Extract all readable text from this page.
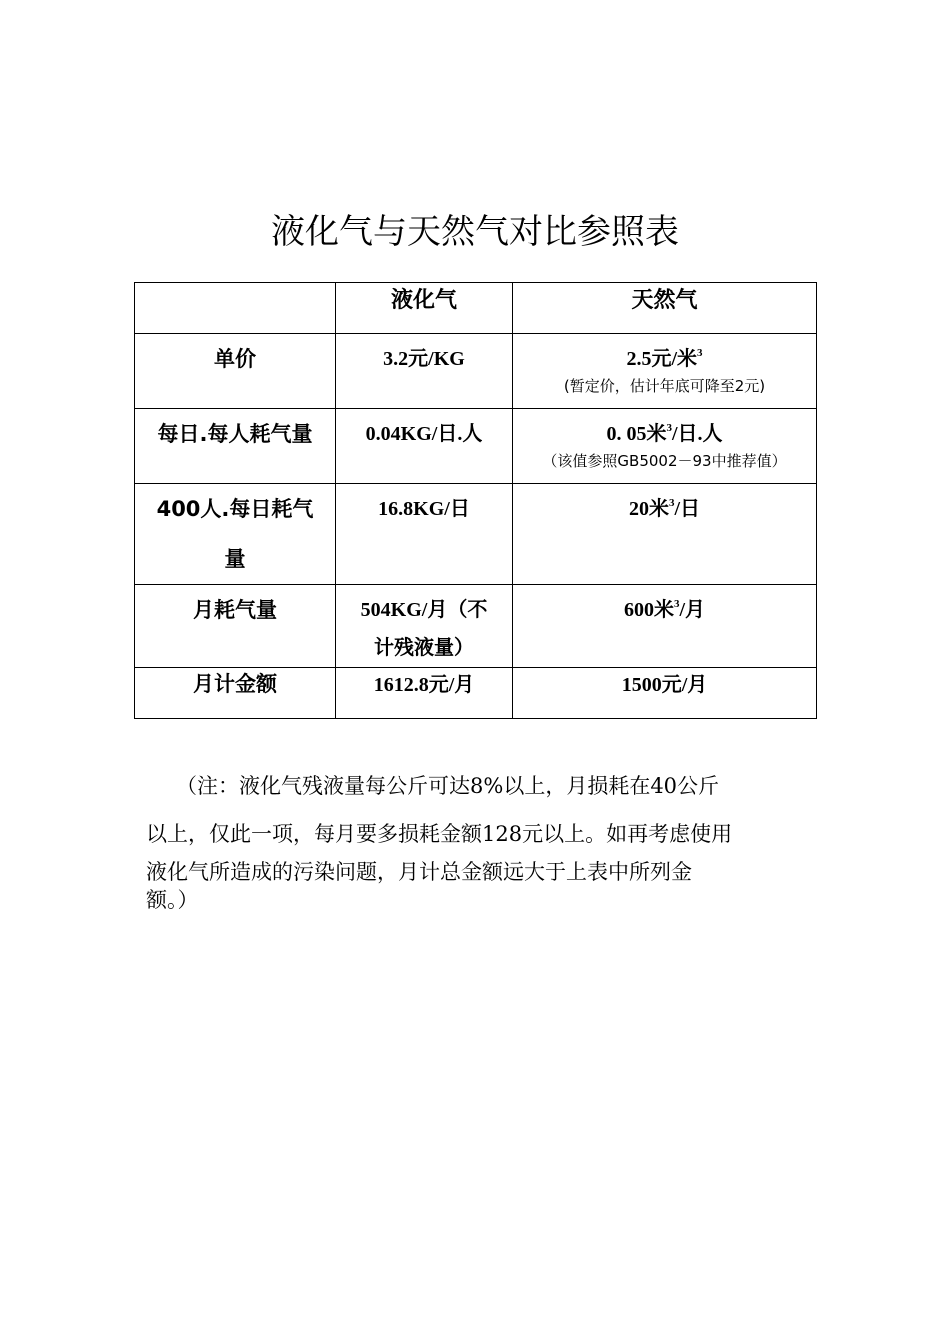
液化气与天然气对比参照表
	液化气	天然气

单价	3.2元/KG	2.5元/米$^3$
(暂定价，估计年底可降至2元)

每日.每人耗气量	0.04KG/日.人	0. 05米$^3$/日.人
（该值参照GB5002－93中推荐值）

400人.每日耗气
量	16.8KG/日	20米$^3$/日

月耗气量	504KG/月（不
计残液量）	600米$^3$/月

月计金额	1612.8元/月	1500元/月

（注：液化气残液量每公斤可达8%以上，月损耗在40公斤
以上，仅此一项，每月要多损耗金额128元以上。如再考虑使用
液化气所造成的污染问题，月计总金额远大于上表中所列金
额。）
